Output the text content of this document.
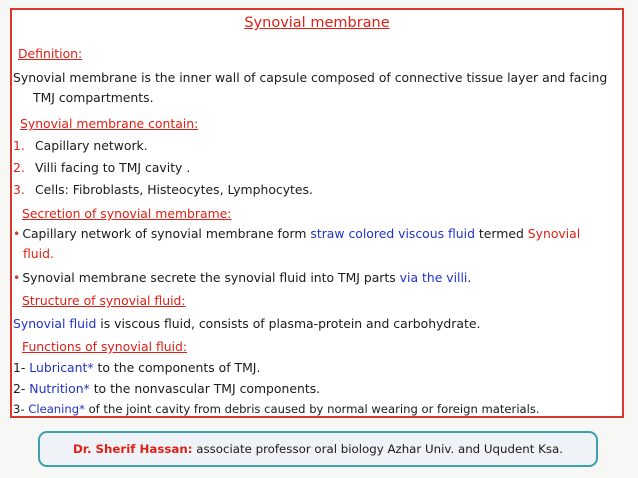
Synovial membrane
Definition:
Synovial membrane is the inner wall of capsule composed of connective tissue layer and facing
TMJ compartments.
Synovial membrane contain:
1. Capillary network.
2. Villi facing to TMJ cavity .
3. Cells: Fibroblasts, Histeocytes, Lymphocytes.
Secretion of synovial membrame:
• Capillary network of synovial membrane form straw colored viscous fluid termed Synovial
fluid.
• Synovial membrane secrete the synovial fluid into TMJ parts via the villi.
Structure of synovial fluid:
Synovial fluid is viscous fluid, consists of plasma-protein and carbohydrate.
Functions of synovial fluid:
1- Lubricant* to the components of TMJ.
2- Nutrition* to the nonvascular TMJ components.
3- Cleaning* of the joint cavity from debris caused by normal wearing or foreign materials.
Dr. Sherif Hassan: associate professor oral biology Azhar Univ. and Uqudent Ksa.
